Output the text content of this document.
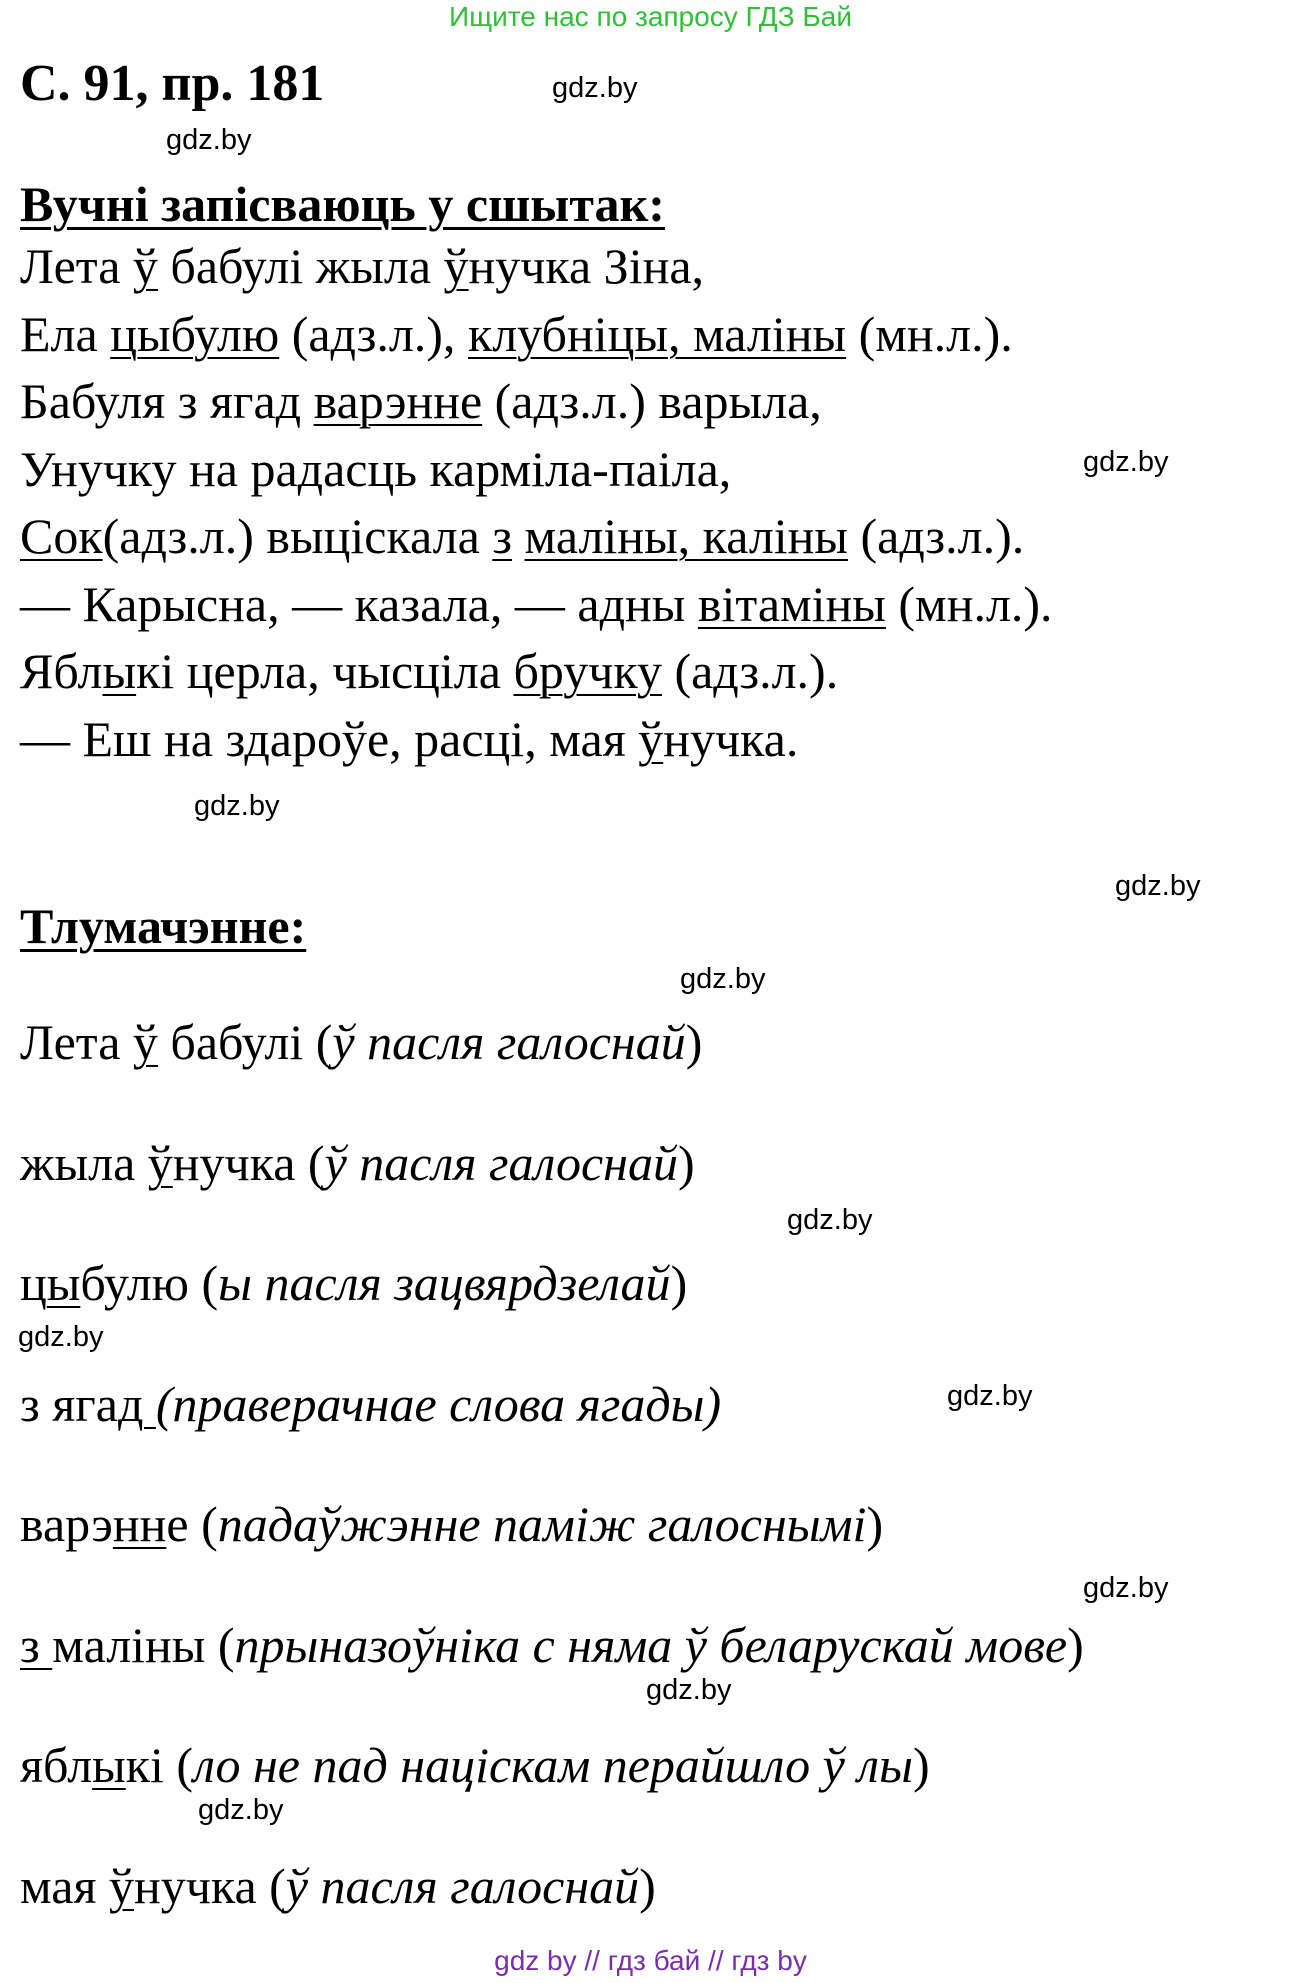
Ищите нас по запросу ГДЗ Бай
С. 91, пр. 181	gdz.by
gdz.by
gdz.by
gdz.by
gdz.by
gdz.by
gdz.by
gdz.by
gdz.by
gdz.by
gdz.by
gdz.by
Вучні запісваюць у сшытак:
Лета ў бабулі жыла ўнучка Зіна,
Ела цыбулю (адз.л.), клубніцы, маліны (мн.л.).
Бабуля з ягад варэнне (адз.л.) варыла,
Унучку на радасць карміла-паіла,
Сок(адз.л.) выціскала з маліны, каліны (адз.л.).
— Карысна, — казала, — адны вітаміны (мн.л.).
Яблыкі церла, чысціла бручку (адз.л.).
— Еш на здароўе, расці, мая ўнучка.
Тлумачэнне:
Лета ў бабулі (ў пасля галоснай)
жыла ўнучка (ў пасля галоснай)
цыбулю (ы пасля зацвярдзелай)
з ягад (праверачнае слова ягады)
варэнне (падаўжэнне паміж галоснымі)
з маліны (прыназоўніка с няма ў беларускай мове)
яблыкі (ло не пад націскам перайшло ў лы)
мая ўнучка (ў пасля галоснай)
gdz by // гдз бай // гдз by
